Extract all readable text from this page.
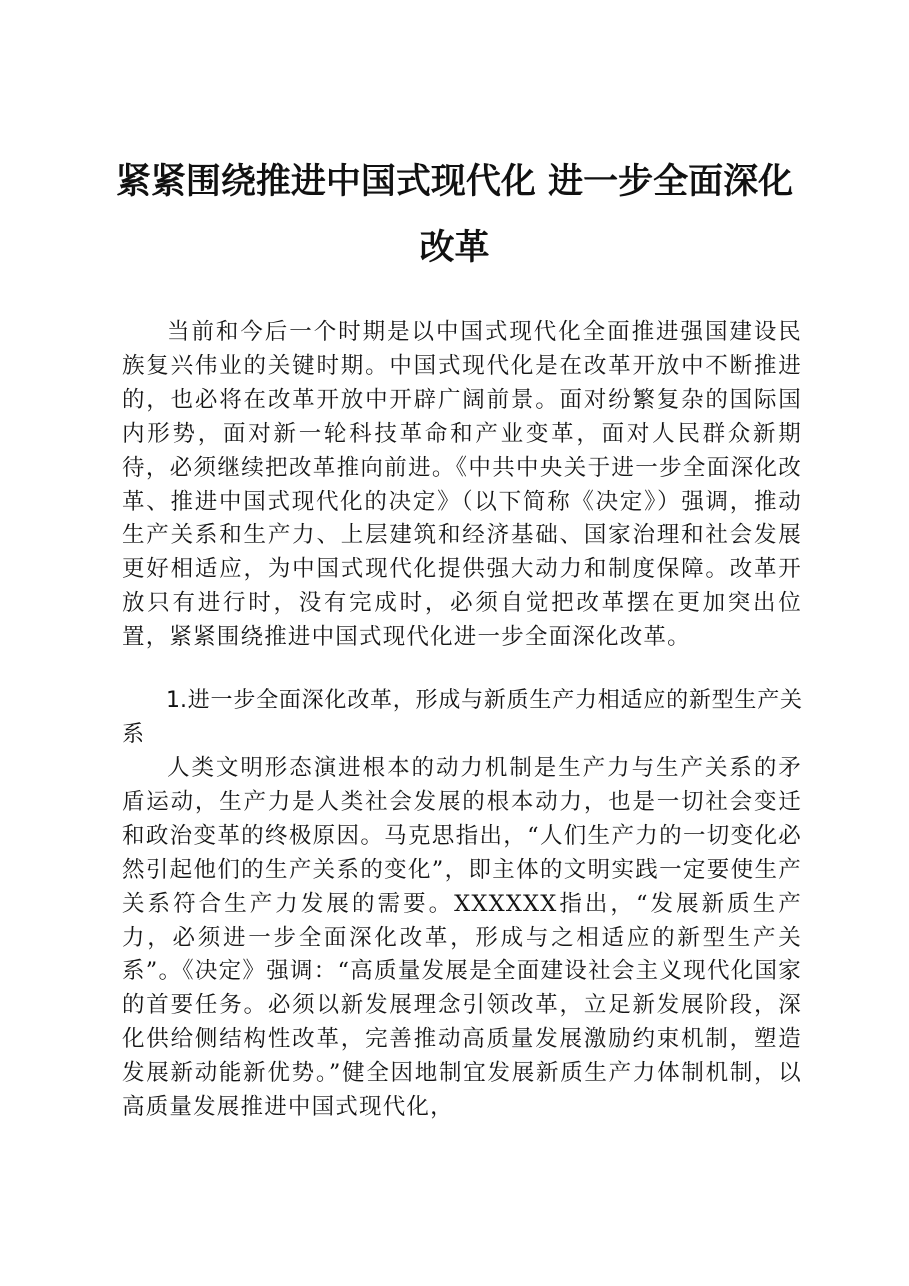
紧紧围绕推进中国式现代化 进一步全面深化
改革

当前和今后一个时期是以中国式现代化全面推进强国建设民族复兴伟业的关键时期。中国式现代化是在改革开放中不断推进的，也必将在改革开放中开辟广阔前景。面对纷繁复杂的国际国内形势，面对新一轮科技革命和产业变革，面对人民群众新期待，必须继续把改革推向前进。《中共中央关于进一步全面深化改革、推进中国式现代化的决定》（以下简称《决定》）强调，推动生产关系和生产力、上层建筑和经济基础、国家治理和社会发展更好相适应，为中国式现代化提供强大动力和制度保障。改革开放只有进行时，没有完成时，必须自觉把改革摆在更加突出位置，紧紧围绕推进中国式现代化进一步全面深化改革。

1.进一步全面深化改革，形成与新质生产力相适应的新型生产关系

人类文明形态演进根本的动力机制是生产力与生产关系的矛盾运动，生产力是人类社会发展的根本动力，也是一切社会变迁和政治变革的终极原因。马克思指出，“人们生产力的一切变化必然引起他们的生产关系的变化”，即主体的文明实践一定要使生产关系符合生产力发展的需要。XXXXXX指出，“发展新质生产力，必须进一步全面深化改革，形成与之相适应的新型生产关系”。《决定》强调：“高质量发展是全面建设社会主义现代化国家的首要任务。必须以新发展理念引领改革，立足新发展阶段，深化供给侧结构性改革，完善推动高质量发展激励约束机制，塑造发展新动能新优势。”健全因地制宜发展新质生产力体制机制，以高质量发展推进中国式现代化，
